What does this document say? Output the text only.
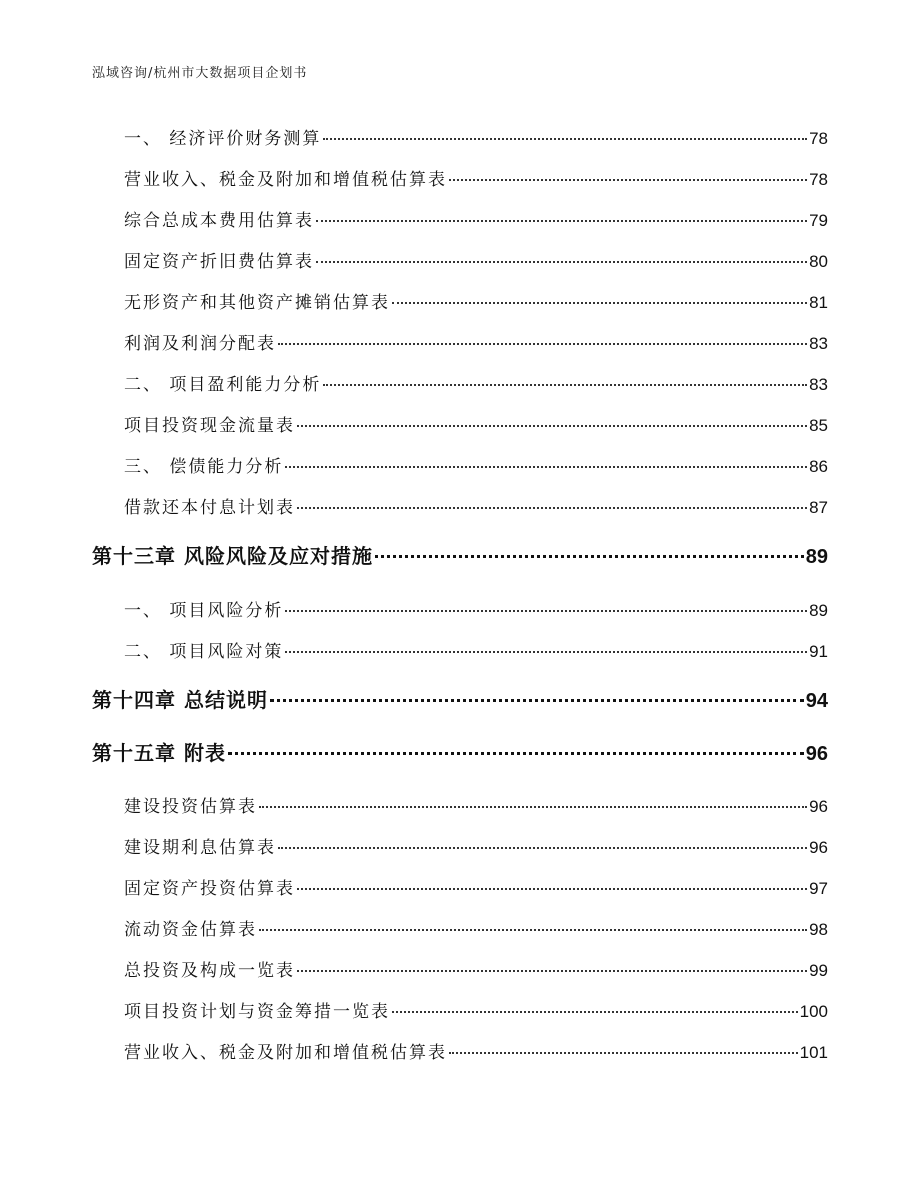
泓域咨询/杭州市大数据项目企划书
一、 经济评价财务测算	78
营业收入、税金及附加和增值税估算表	78
综合总成本费用估算表	79
固定资产折旧费估算表	80
无形资产和其他资产摊销估算表	81
利润及利润分配表	83
二、 项目盈利能力分析	83
项目投资现金流量表	85
三、 偿债能力分析	86
借款还本付息计划表	87
第十三章 风险风险及应对措施	89
一、 项目风险分析	89
二、 项目风险对策	91
第十四章 总结说明	94
第十五章 附表	96
建设投资估算表	96
建设期利息估算表	96
固定资产投资估算表	97
流动资金估算表	98
总投资及构成一览表	99
项目投资计划与资金筹措一览表	100
营业收入、税金及附加和增值税估算表	101
